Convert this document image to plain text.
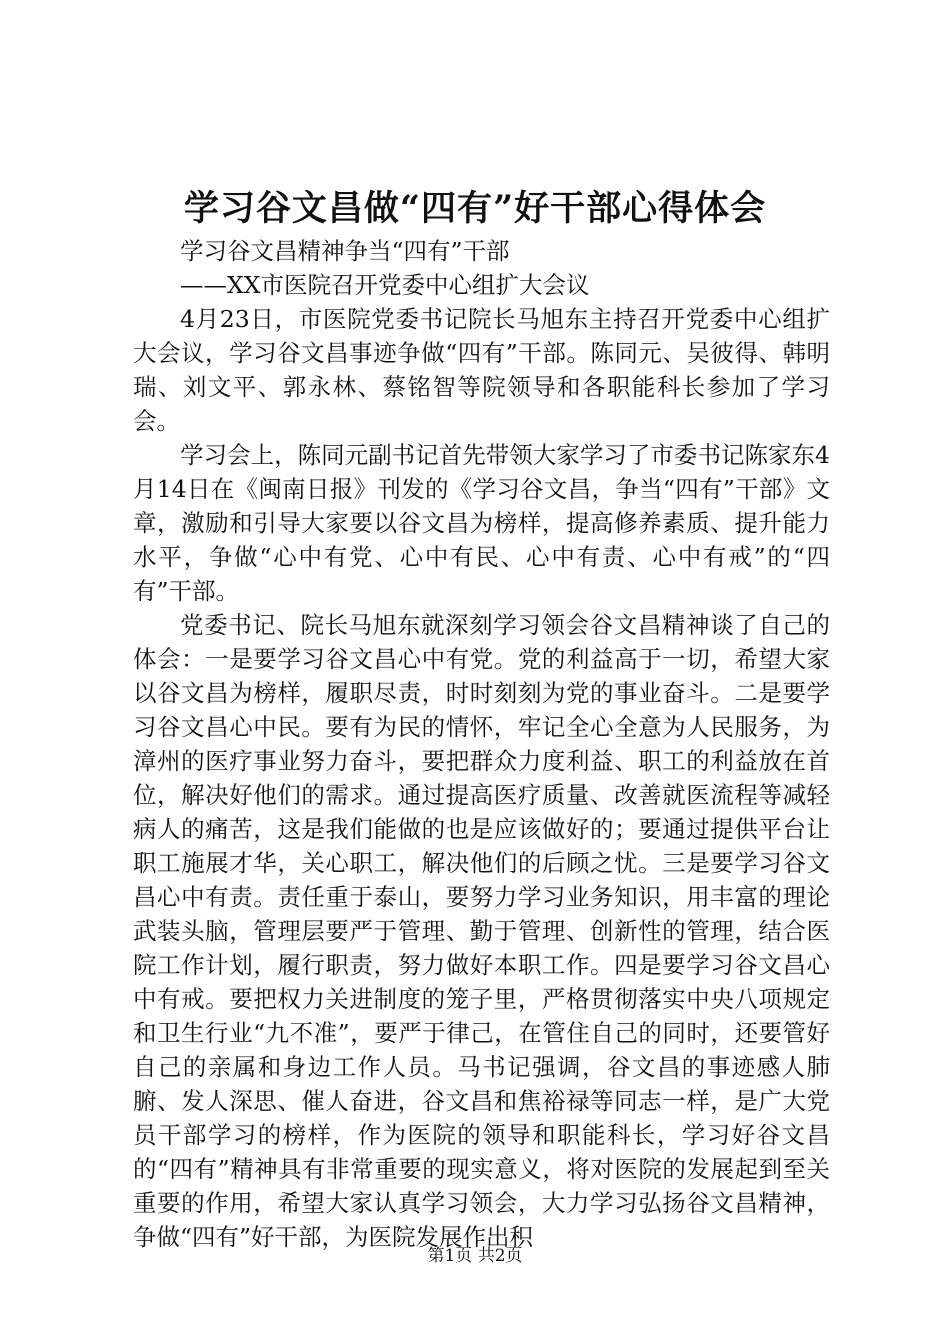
学习谷文昌做“四有”好干部心得体会

学习谷文昌精神争当“四有”干部

——XX市医院召开党委中心组扩大会议

4月23日，市医院党委书记院长马旭东主持召开党委中心组扩大会议，学习谷文昌事迹争做“四有”干部。陈同元、吴彼得、韩明瑞、刘文平、郭永林、蔡铭智等院领导和各职能科长参加了学习会。

学习会上，陈同元副书记首先带领大家学习了市委书记陈家东4月14日在《闽南日报》刊发的《学习谷文昌，争当“四有”干部》文章，激励和引导大家要以谷文昌为榜样，提高修养素质、提升能力水平，争做“心中有党、心中有民、心中有责、心中有戒”的“四有”干部。

党委书记、院长马旭东就深刻学习领会谷文昌精神谈了自己的体会：一是要学习谷文昌心中有党。党的利益高于一切，希望大家以谷文昌为榜样，履职尽责，时时刻刻为党的事业奋斗。二是要学习谷文昌心中民。要有为民的情怀，牢记全心全意为人民服务，为漳州的医疗事业努力奋斗，要把群众力度利益、职工的利益放在首位，解决好他们的需求。通过提高医疗质量、改善就医流程等减轻病人的痛苦，这是我们能做的也是应该做好的；要通过提供平台让职工施展才华，关心职工，解决他们的后顾之忧。三是要学习谷文昌心中有责。责任重于泰山，要努力学习业务知识，用丰富的理论武装头脑，管理层要严于管理、勤于管理、创新性的管理，结合医院工作计划，履行职责，努力做好本职工作。四是要学习谷文昌心中有戒。要把权力关进制度的笼子里，严格贯彻落实中央八项规定和卫生行业“九不准”，要严于律己，在管住自己的同时，还要管好自己的亲属和身边工作人员。马书记强调，谷文昌的事迹感人肺腑、发人深思、催人奋进，谷文昌和焦裕禄等同志一样，是广大党员干部学习的榜样，作为医院的领导和职能科长，学习好谷文昌的“四有”精神具有非常重要的现实意义，将对医院的发展起到至关重要的作用，希望大家认真学习领会，大力学习弘扬谷文昌精神，争做“四有”好干部，为医院发展作出积

第1页 共2页
